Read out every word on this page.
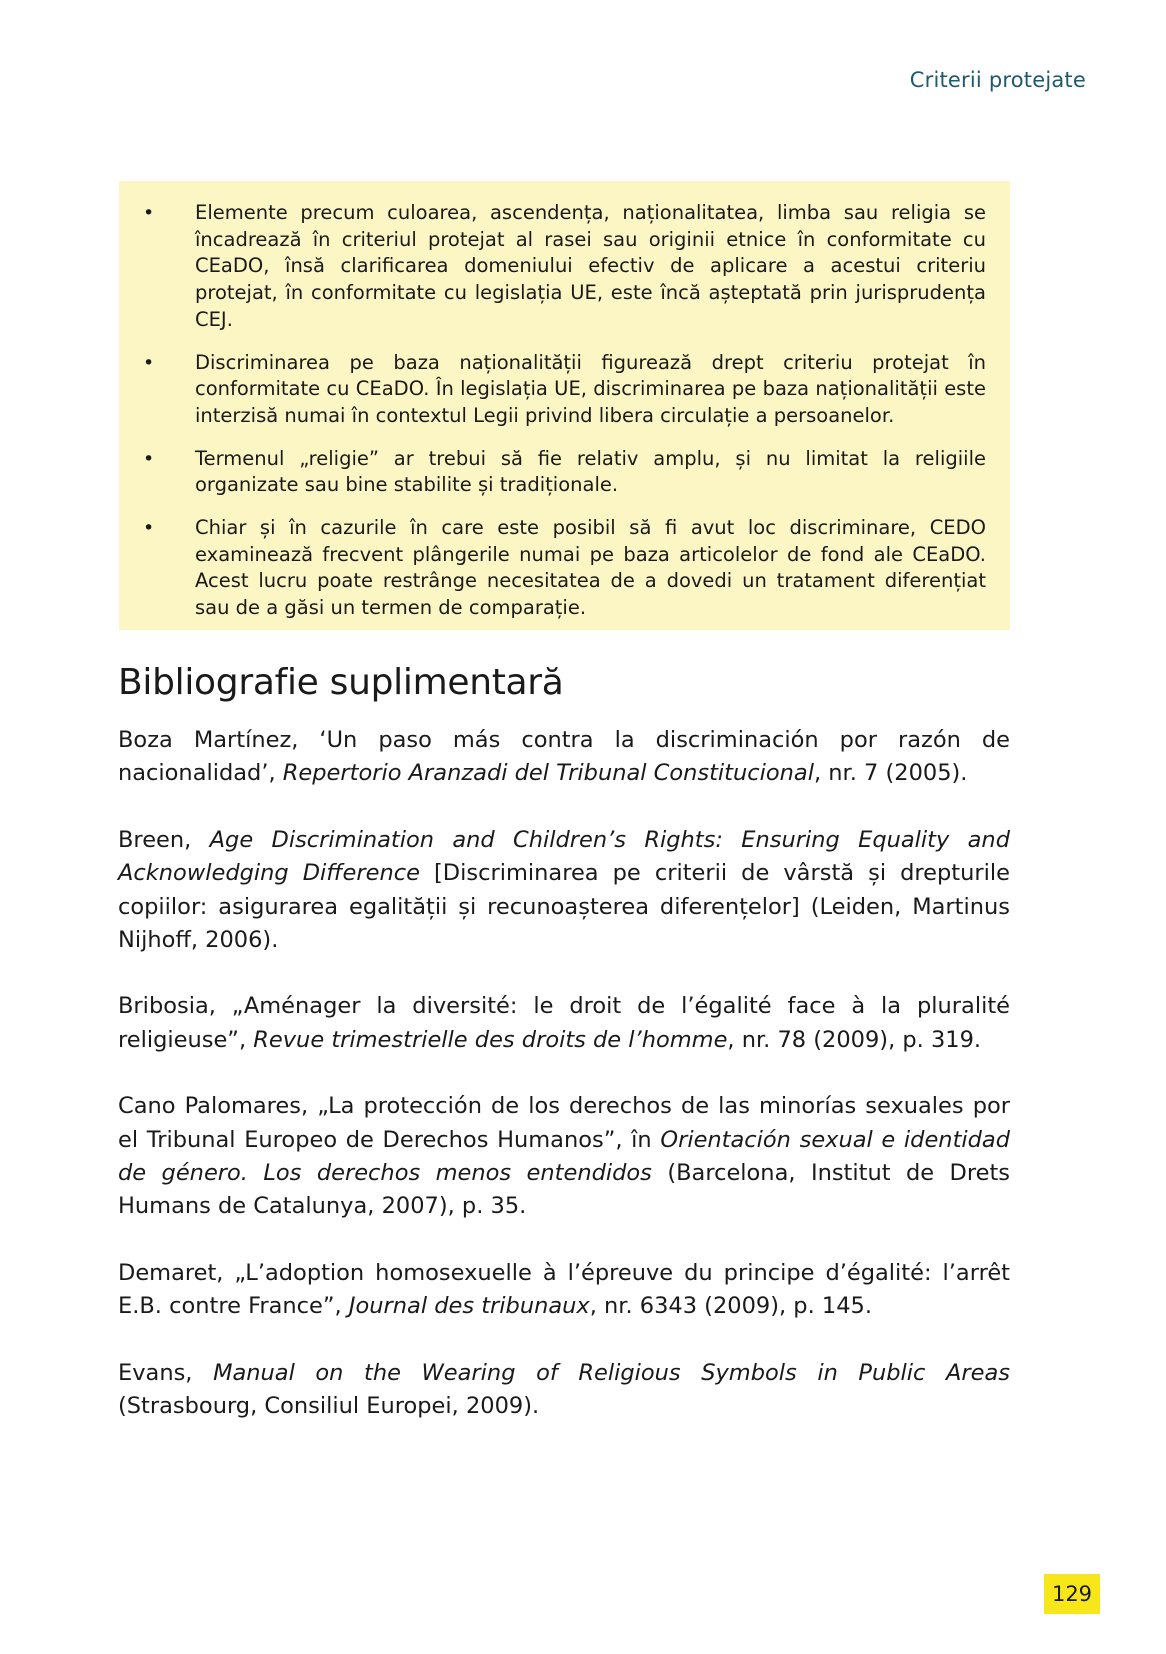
Criterii protejate
• Elemente precum culoarea, ascendența, naționalitatea, limba sau religia se încadrează în criteriul protejat al rasei sau originii etnice în conformitate cu CEaDO, însă clarificarea domeniului efectiv de aplicare a acestui criteriu protejat, în conformitate cu legislația UE, este încă așteptată prin jurisprudența CEJ.
• Discriminarea pe baza naționalității figurează drept criteriu protejat în conformitate cu CEaDO. În legislația UE, discriminarea pe baza naționalității este interzisă numai în contextul Legii privind libera circulație a persoanelor.
• Termenul „religie” ar trebui să fie relativ amplu, și nu limitat la religiile organizate sau bine stabilite și tradiționale.
• Chiar și în cazurile în care este posibil să fi avut loc discriminare, CEDO examinează frecvent plângerile numai pe baza articolelor de fond ale CEaDO. Acest lucru poate restrânge necesitatea de a dovedi un tratament diferențiat sau de a găsi un termen de comparație.
Bibliografie suplimentară

Boza Martínez, ‘Un paso más contra la discriminación por razón de nacionalidad’, Repertorio Aranzadi del Tribunal Constitucional, nr. 7 (2005).

Breen, Age Discrimination and Children’s Rights: Ensuring Equality and Acknowledging Difference [Discriminarea pe criterii de vârstă și drepturile copiilor: asigurarea egalității și recunoașterea diferențelor] (Leiden, Martinus Nijhoff, 2006).

Bribosia, „Aménager la diversité: le droit de l’égalité face à la pluralité religieuse”, Revue trimestrielle des droits de l’homme, nr. 78 (2009), p. 319.

Cano Palomares, „La protección de los derechos de las minorías sexuales por el Tribunal Europeo de Derechos Humanos”, în Orientación sexual e identidad de género. Los derechos menos entendidos (Barcelona, Institut de Drets Humans de Catalunya, 2007), p. 35.

Demaret, „L’adoption homosexuelle à l’épreuve du principe d’égalité: l’arrêt E.B. contre France”, Journal des tribunaux, nr. 6343 (2009), p. 145.

Evans, Manual on the Wearing of Religious Symbols in Public Areas (Strasbourg, Consiliul Europei, 2009).

129
